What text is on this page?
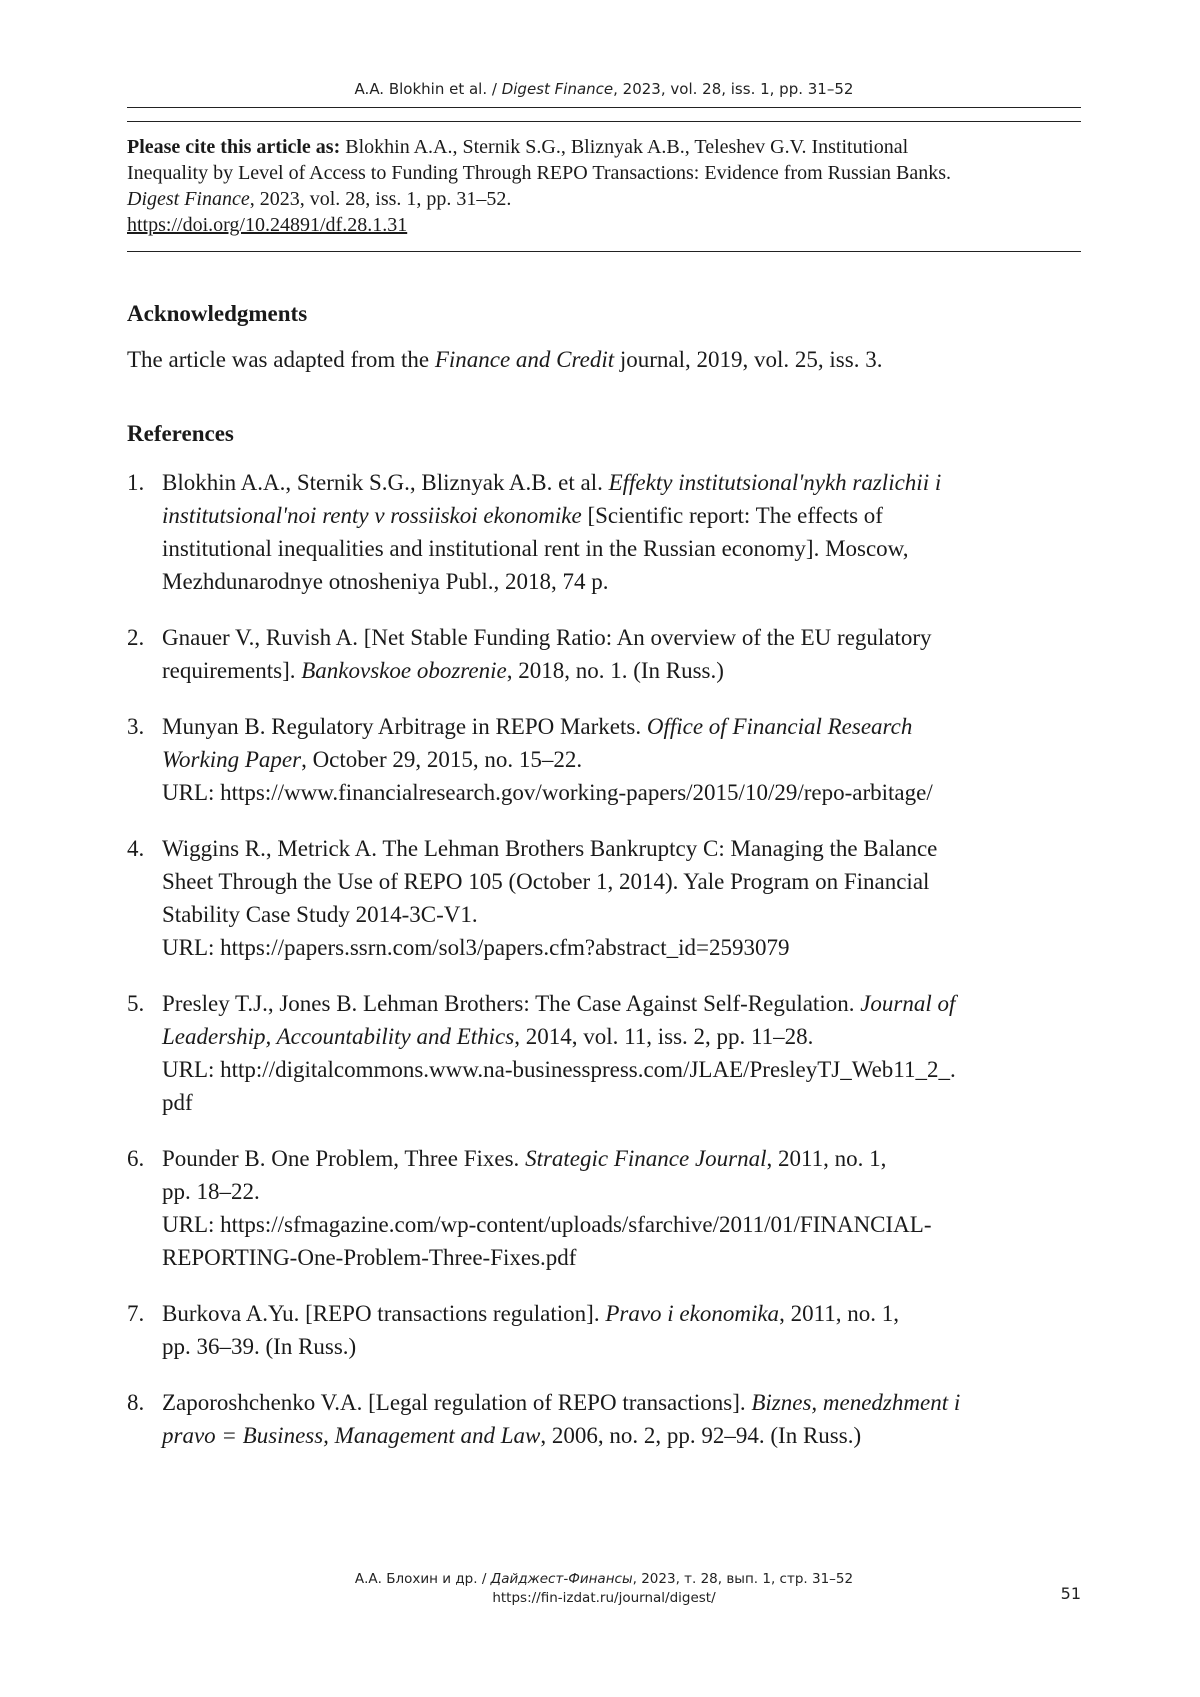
A.A. Blokhin et al. / Digest Finance, 2023, vol. 28, iss. 1, pp. 31–52
Please cite this article as: Blokhin A.A., Sternik S.G., Bliznyak A.B., Teleshev G.V. Institutional
Inequality by Level of Access to Funding Through REPO Transactions: Evidence from Russian Banks.
Digest Finance, 2023, vol. 28, iss. 1, pp. 31–52.
https://doi.org/10.24891/df.28.1.31
Acknowledgments
The article was adapted from the Finance and Credit journal, 2019, vol. 25, iss. 3.
References
1. Blokhin A.A., Sternik S.G., Bliznyak A.B. et al. Effekty institutsional'nykh razlichii i
institutsional'noi renty v rossiiskoi ekonomike [Scientific report: The effects of
institutional inequalities and institutional rent in the Russian economy]. Moscow,
Mezhdunarodnye otnosheniya Publ., 2018, 74 p.
2. Gnauer V., Ruvish A. [Net Stable Funding Ratio: An overview of the EU regulatory
requirements]. Bankovskoe obozrenie, 2018, no. 1. (In Russ.)
3. Munyan B. Regulatory Arbitrage in REPO Markets. Office of Financial Research
Working Paper, October 29, 2015, no. 15–22.
URL: https://www.financialresearch.gov/working-papers/2015/10/29/repo-arbitage/
4. Wiggins R., Metrick A. The Lehman Brothers Bankruptcy C: Managing the Balance
Sheet Through the Use of REPO 105 (October 1, 2014). Yale Program on Financial
Stability Case Study 2014-3C-V1.
URL: https://papers.ssrn.com/sol3/papers.cfm?abstract_id=2593079
5. Presley T.J., Jones B. Lehman Brothers: The Case Against Self-Regulation. Journal of
Leadership, Accountability and Ethics, 2014, vol. 11, iss. 2, pp. 11–28.
URL: http://digitalcommons.www.na-businesspress.com/JLAE/PresleyTJ_Web11_2_.
pdf
6. Pounder B. One Problem, Three Fixes. Strategic Finance Journal, 2011, no. 1,
pp. 18–22.
URL: https://sfmagazine.com/wp-content/uploads/sfarchive/2011/01/FINANCIAL-
REPORTING-One-Problem-Three-Fixes.pdf
7. Burkova A.Yu. [REPO transactions regulation]. Pravo i ekonomika, 2011, no. 1,
pp. 36–39. (In Russ.)
8. Zaporoshchenko V.A. [Legal regulation of REPO transactions]. Biznes, menedzhment i
pravo = Business, Management and Law, 2006, no. 2, pp. 92–94. (In Russ.)
А.А. Блохин и др. / Дайджест-Финансы, 2023, т. 28, вып. 1, стр. 31–52
https://fin-izdat.ru/journal/digest/	51
